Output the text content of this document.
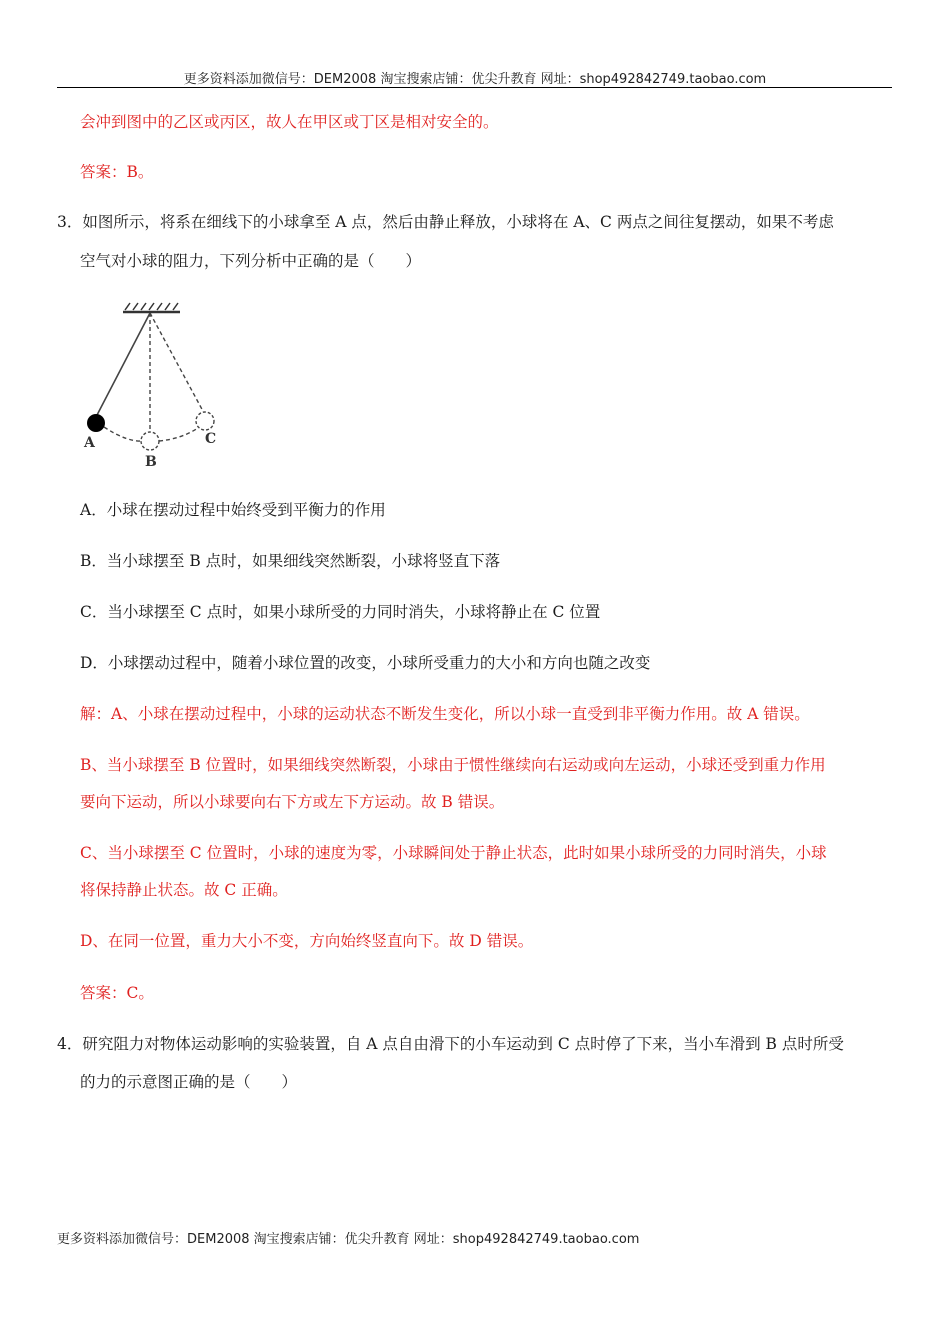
更多资料添加微信号：DEM2008 淘宝搜索店铺：优尖升教育 网址：shop492842749.taobao.com
会冲到图中的乙区或丙区，故人在甲区或丁区是相对安全的。
答案：B。
3．如图所示，将系在细线下的小球拿至 A 点，然后由静止释放，小球将在 A、C 两点之间往复摆动，如果不考虑
空气对小球的阻力，下列分析中正确的是（　　）
A
B
C
A．小球在摆动过程中始终受到平衡力的作用
B．当小球摆至 B 点时，如果细线突然断裂，小球将竖直下落
C．当小球摆至 C 点时，如果小球所受的力同时消失，小球将静止在 C 位置
D．小球摆动过程中，随着小球位置的改变，小球所受重力的大小和方向也随之改变
解：A、小球在摆动过程中，小球的运动状态不断发生变化，所以小球一直受到非平衡力作用。故 A 错误。
B、当小球摆至 B 位置时，如果细线突然断裂，小球由于惯性继续向右运动或向左运动，小球还受到重力作用
要向下运动，所以小球要向右下方或左下方运动。故 B 错误。
C、当小球摆至 C 位置时，小球的速度为零，小球瞬间处于静止状态，此时如果小球所受的力同时消失，小球
将保持静止状态。故 C 正确。
D、在同一位置，重力大小不变，方向始终竖直向下。故 D 错误。
答案：C。
4．研究阻力对物体运动影响的实验装置，自 A 点自由滑下的小车运动到 C 点时停了下来，当小车滑到 B 点时所受
的力的示意图正确的是（　　）
更多资料添加微信号：DEM2008 淘宝搜索店铺：优尖升教育 网址：shop492842749.taobao.com
